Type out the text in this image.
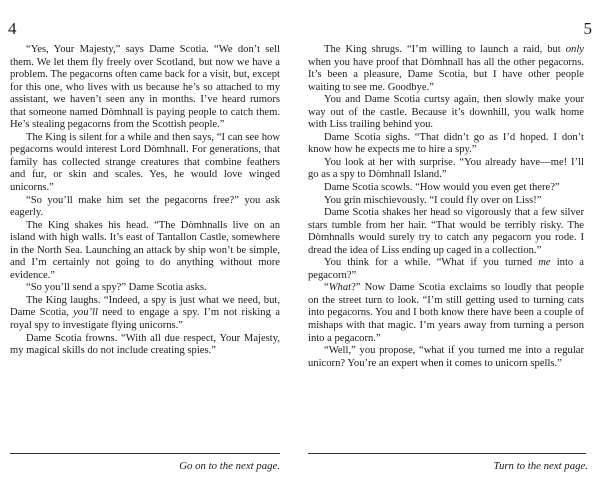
4

“Yes, Your Majesty,” says Dame Scotia. “We don’t sell them. We let them fly freely over Scotland, but now we have a problem. The pegacorns often came back for a visit, but, except for this one, who lives with us because he’s so attached to my assistant, we haven’t seen any in months. I’ve heard rumors that someone named Dòmhnall is paying people to catch them. He’s stealing pegacorns from the Scottish people.”

The King is silent for a while and then says, “I can see how pegacorns would interest Lord Dòmhnall. For generations, that family has collected strange creatures that combine feathers and fur, or skin and scales. Yes, he would love winged unicorns.”

“So you’ll make him set the pegacorns free?” you ask eagerly.

The King shakes his head. “The Dòmhnalls live on an island with high walls. It’s east of Tantallon Castle, somewhere in the North Sea. Launching an attack by ship won’t be simple, and I’m certainly not going to do anything without more evidence.”

“So you’ll send a spy?” Dame Scotia asks.

The King laughs. “Indeed, a spy is just what we need, but, Dame Scotia, you’ll need to engage a spy. I’m not risking a royal spy to investigate flying unicorns.”

Dame Scotia frowns. “With all due respect, Your Majesty, my magical skills do not include creating spies.”

Go on to the next page.
5

The King shrugs. “I’m willing to launch a raid, but only when you have proof that Dòmhnall has all the other pegacorns. It’s been a pleasure, Dame Scotia, but I have other people waiting to see me. Goodbye.”

You and Dame Scotia curtsy again, then slowly make your way out of the castle. Because it’s downhill, you walk home with Liss trailing behind you.

Dame Scotia sighs. “That didn’t go as I’d hoped. I don’t know how he expects me to hire a spy.”

You look at her with surprise. “You already have—me! I’ll go as a spy to Dòmhnall Island.”

Dame Scotia scowls. “How would you even get there?”

You grin mischievously. “I could fly over on Liss!”

Dame Scotia shakes her head so vigorously that a few silver stars tumble from her hair. “That would be terribly risky. The Dòmhnalls would surely try to catch any pegacorn you rode. I dread the idea of Liss ending up caged in a collection.”

You think for a while. “What if you turned me into a pegacorn?”

“What?” Now Dame Scotia exclaims so loudly that people on the street turn to look. “I’m still getting used to turning cats into pegacorns. You and I both know there have been a couple of mishaps with that magic. I’m years away from turning a person into a pegacorn.”

“Well,” you propose, “what if you turned me into a regular unicorn? You’re an expert when it comes to unicorn spells.”

Turn to the next page.
